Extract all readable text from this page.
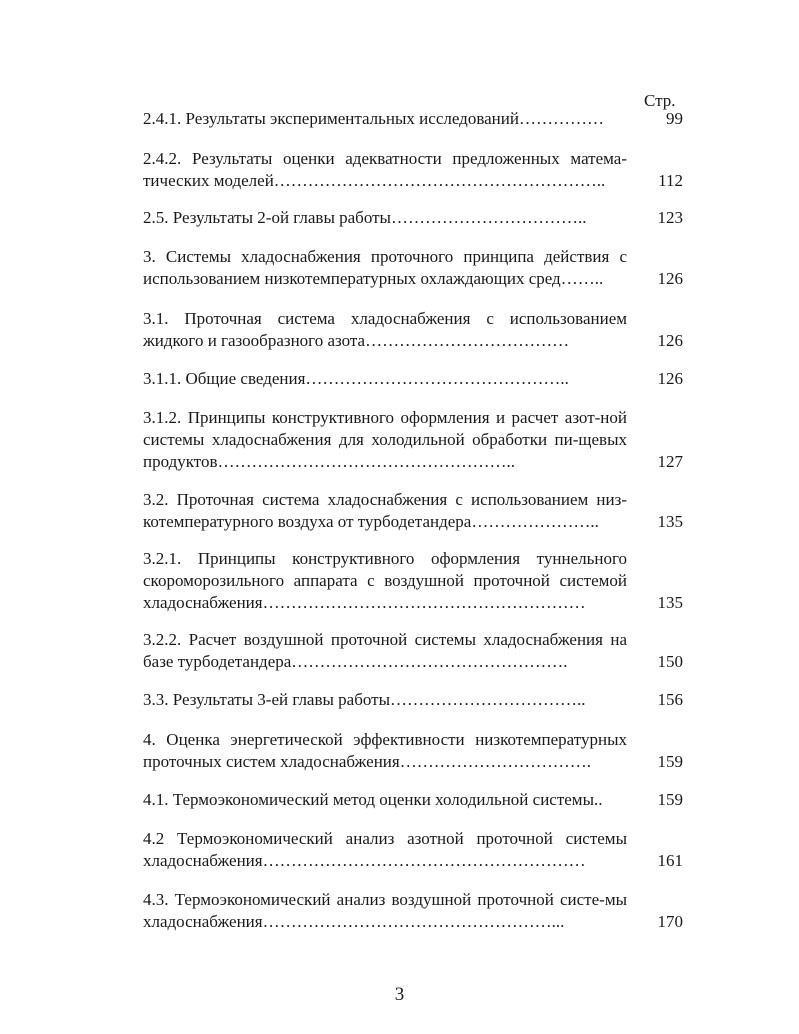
Стр.
2.4.1. Результаты экспериментальных исследований……………	99
2.4.2. Результаты оценки адекватности предложенных матема-тических моделей…………………………………………………..	112
2.5. Результаты 2-ой главы работы……………………………..	123
3. Системы хладоснабжения проточного принципа действия с использованием низкотемпературных охлаждающих сред……..	126
3.1. Проточная система хладоснабжения с использованием жидкого и газообразного азота………………………………	126
3.1.1. Общие сведения………………………………………..	126
3.1.2. Принципы конструктивного оформления и расчет азот-ной системы хладоснабжения для холодильной обработки пи-щевых продуктов……………………………………………..	127
3.2. Проточная система хладоснабжения с использованием низ-котемпературного воздуха от турбодетандера…………………..	135
3.2.1. Принципы конструктивного оформления туннельного скороморозильного аппарата с воздушной проточной системой хладоснабжения…………………………………………………	135
3.2.2. Расчет воздушной проточной системы хладоснабжения на базе турбодетандера………………………………………….	150
3.3. Результаты 3-ей главы работы……………………………..	156
4. Оценка энергетической эффективности низкотемпературных проточных систем хладоснабжения…………………………….	159
4.1. Термоэкономический метод оценки холодильной системы..	159
4.2 Термоэкономический анализ азотной проточной системы хладоснабжения…………………………………………………	161
4.3. Термоэкономический анализ воздушной проточной систе-мы хладоснабжения……………………………………………...	170
3
